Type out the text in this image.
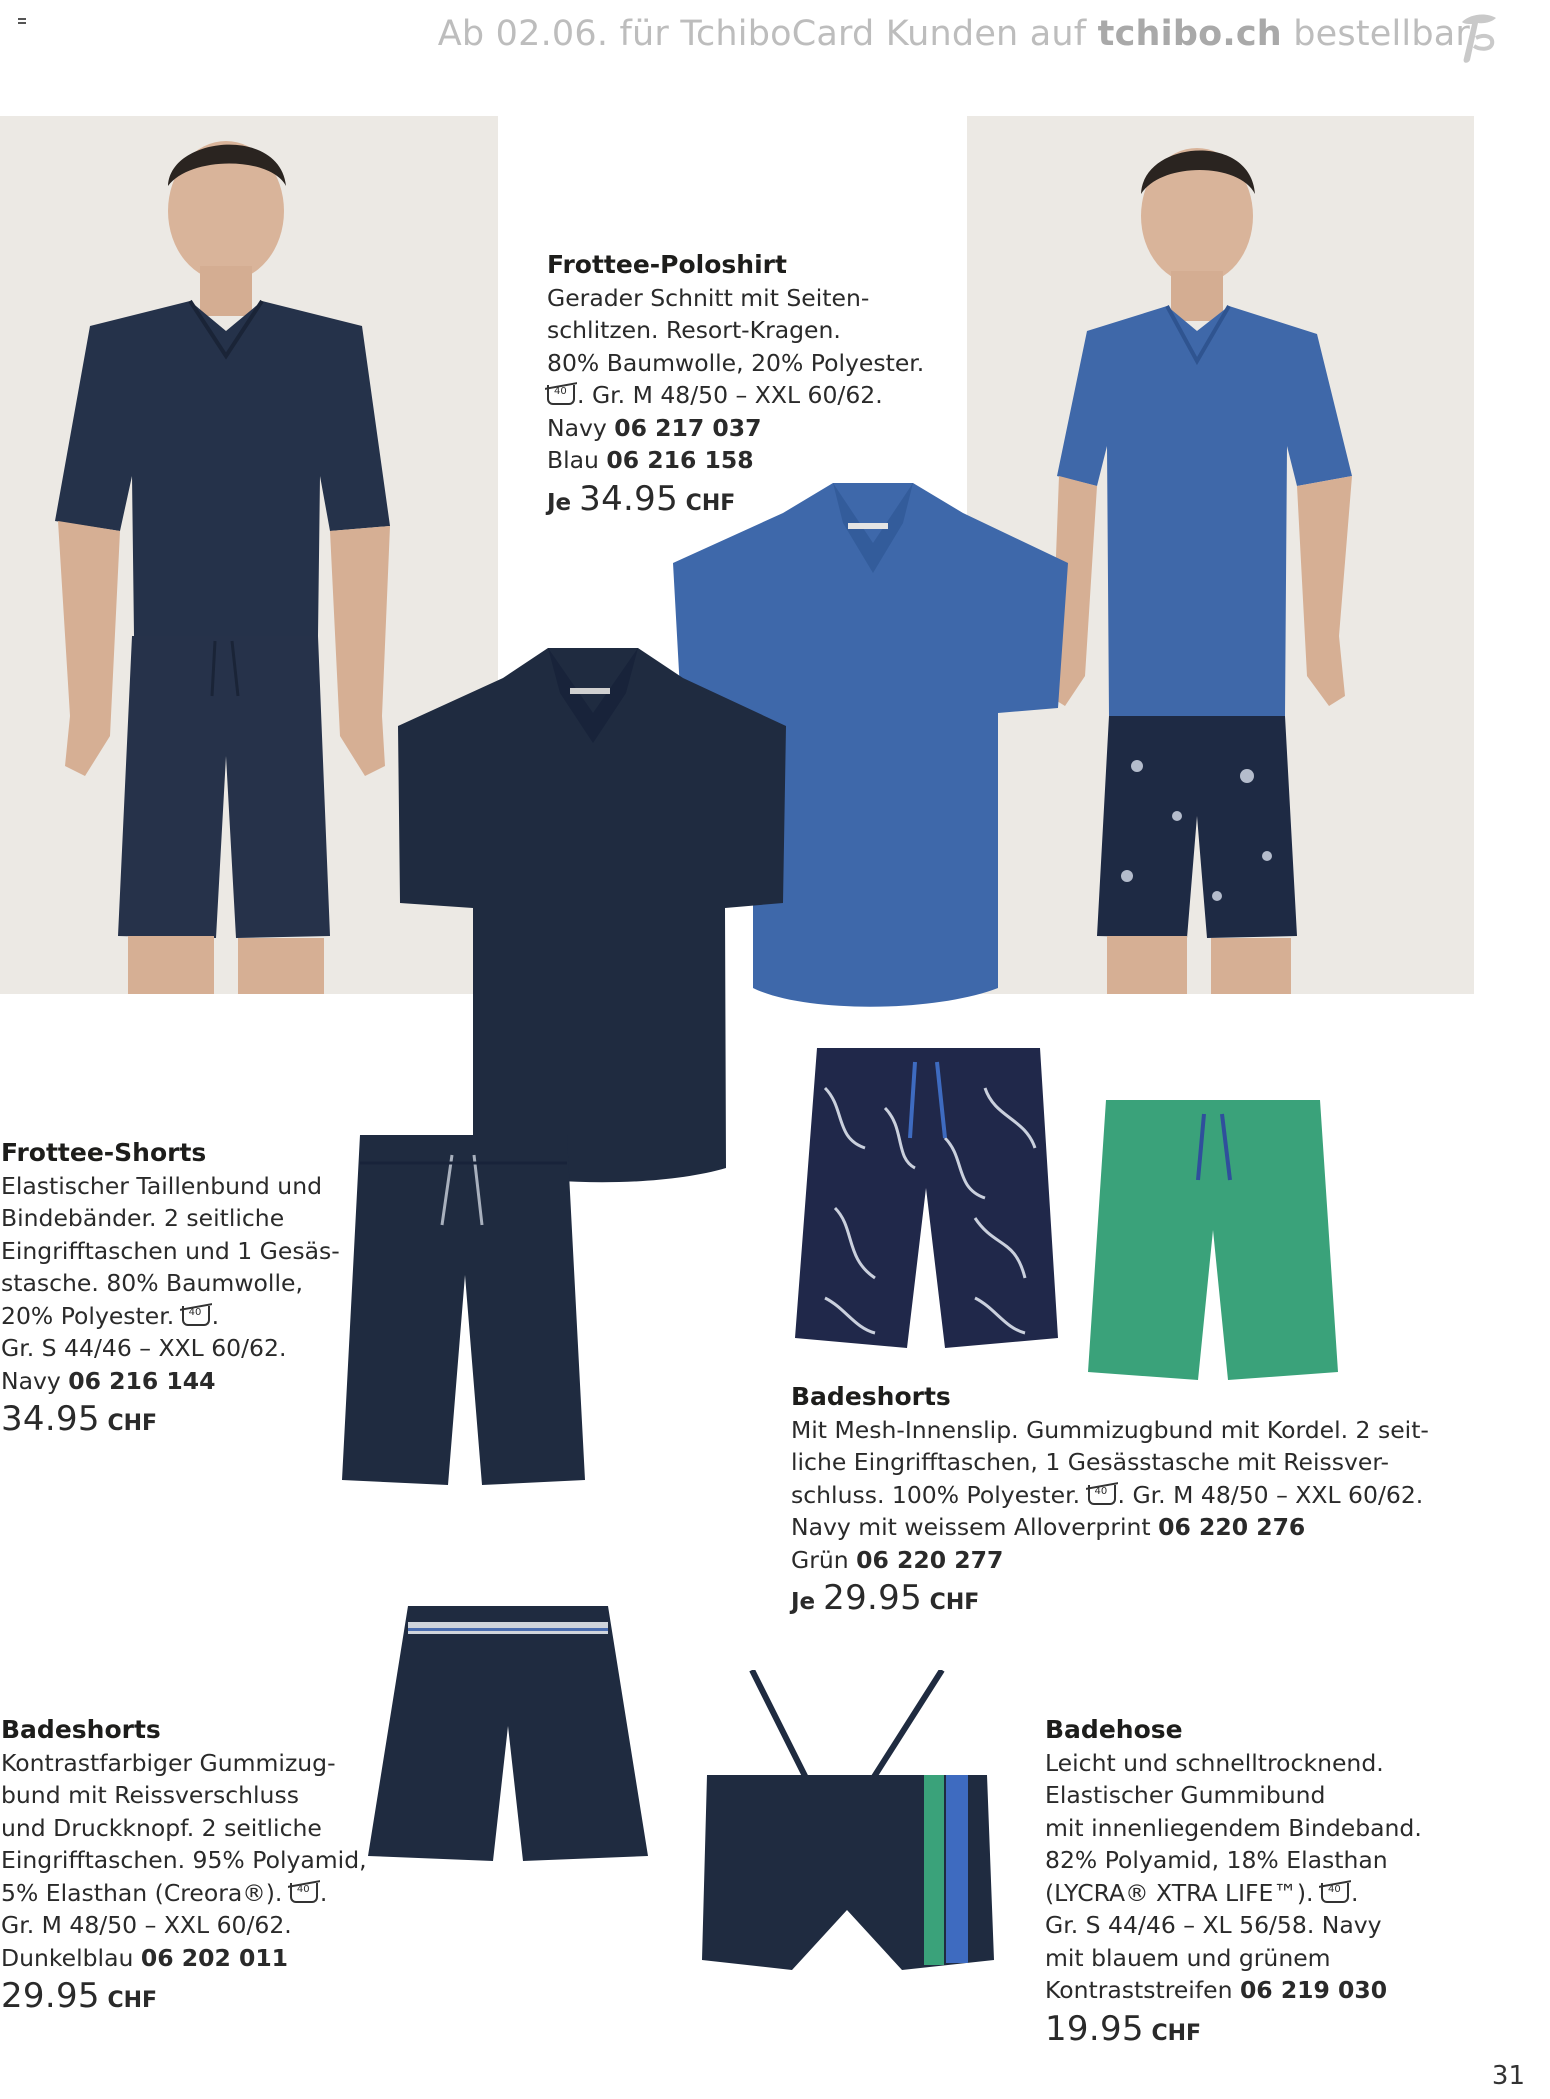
Ab 02.06. für TchiboCard Kunden auf tchibo.ch bestellbar
Frottee-Poloshirt
Gerader Schnitt mit Seiten-
schlitzen. Resort-Kragen.
80% Baumwolle, 20% Polyester.
40. Gr. M 48/50 – XXL 60/62.
Navy 06 217 037
Blau 06 216 158
Je 34.95 CHF
Frottee-Shorts
Elastischer Taillenbund und
Bindebänder. 2 seitliche
Eingrifftaschen und 1 Gesäs-
stasche. 80% Baumwolle,
20% Polyester. 40.
Gr. S 44/46 – XXL 60/62.
Navy 06 216 144
34.95 CHF
Badeshorts
Mit Mesh-Innenslip. Gummizugbund mit Kordel. 2 seit-
liche Eingrifftaschen, 1 Gesässtasche mit Reissver-
schluss. 100% Polyester. 40. Gr. M 48/50 – XXL 60/62.
Navy mit weissem Alloverprint 06 220 276
Grün 06 220 277
Je 29.95 CHF
Badeshorts
Kontrastfarbiger Gummizug-
bund mit Reissverschluss
und Druckknopf. 2 seitliche
Eingrifftaschen. 95% Polyamid,
5% Elasthan (Creora®). 40.
Gr. M 48/50 – XXL 60/62.
Dunkelblau 06 202 011
29.95 CHF
Badehose
Leicht und schnelltrocknend.
Elastischer Gummibund
mit innenliegendem Bindeband.
82% Polyamid, 18% Elasthan
(LYCRA® XTRA LIFE™). 40.
Gr. S 44/46 – XL 56/58. Navy
mit blauem und grünem
Kontraststreifen 06 219 030
19.95 CHF
31
